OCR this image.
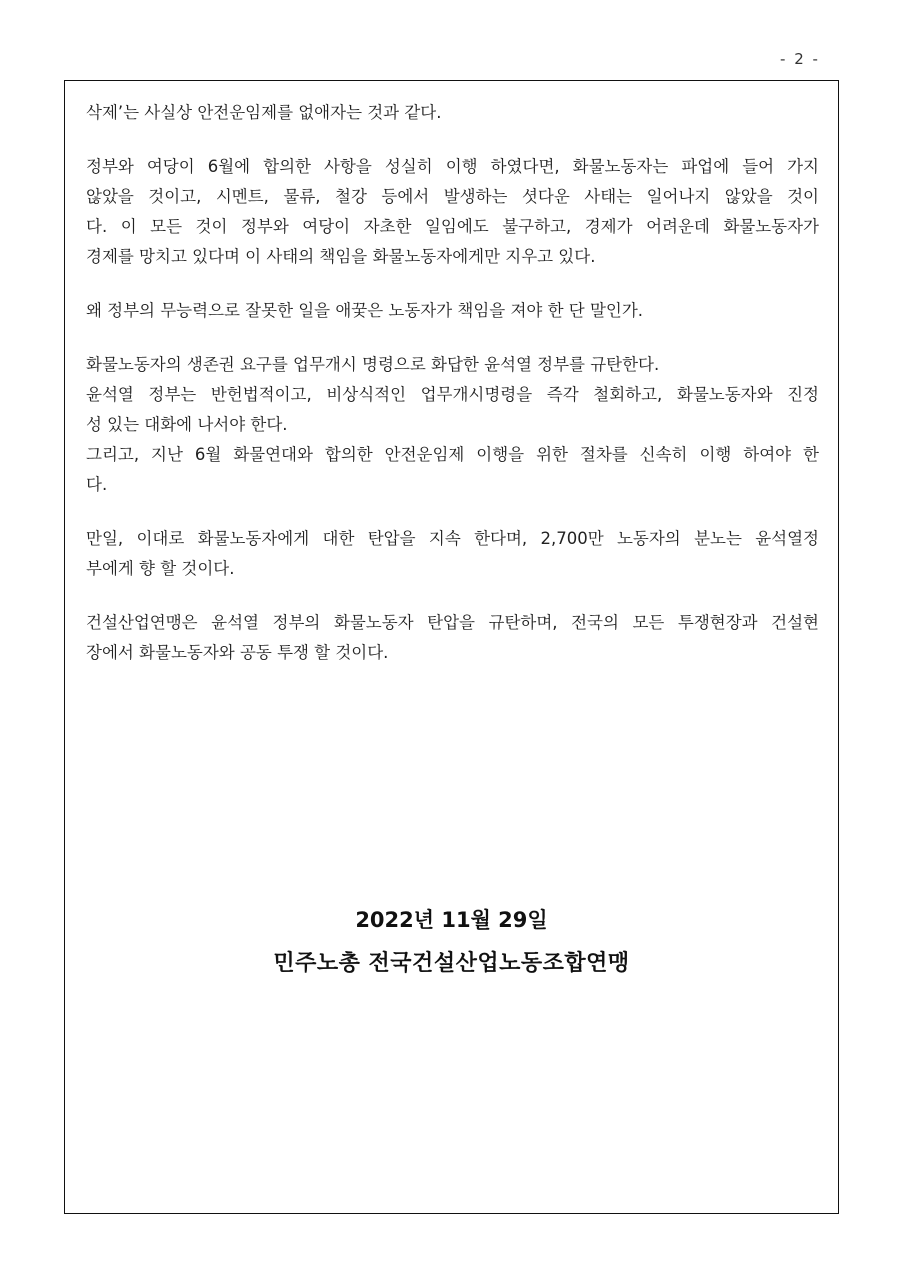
- 2 -

삭제’는 사실상 안전운임제를 없애자는 것과 같다.

정부와 여당이 6월에 합의한 사항을 성실히 이행 하였다면, 화물노동자는 파업에 들어 가지
않았을 것이고, 시멘트, 물류, 철강 등에서 발생하는 셧다운 사태는 일어나지 않았을 것이
다. 이 모든 것이 정부와 여당이 자초한 일임에도 불구하고, 경제가 어려운데 화물노동자가
경제를 망치고 있다며 이 사태의 책임을 화물노동자에게만 지우고 있다.

왜 정부의 무능력으로 잘못한 일을 애꿎은 노동자가 책임을 져야 한 단 말인가.

화물노동자의 생존권 요구를 업무개시 명령으로 화답한 윤석열 정부를 규탄한다.
윤석열 정부는 반헌법적이고, 비상식적인 업무개시명령을 즉각 철회하고, 화물노동자와 진정
성 있는 대화에 나서야 한다.
그리고, 지난 6월 화물연대와 합의한 안전운임제 이행을 위한 절차를 신속히 이행 하여야 한
다.

만일, 이대로 화물노동자에게 대한 탄압을 지속 한다며, 2,700만 노동자의 분노는 윤석열정
부에게 향 할 것이다.

건설산업연맹은 윤석열 정부의 화물노동자 탄압을 규탄하며, 전국의 모든 투쟁현장과 건설현
장에서 화물노동자와 공동 투쟁 할 것이다.

2022년 11월 29일
민주노총 전국건설산업노동조합연맹
